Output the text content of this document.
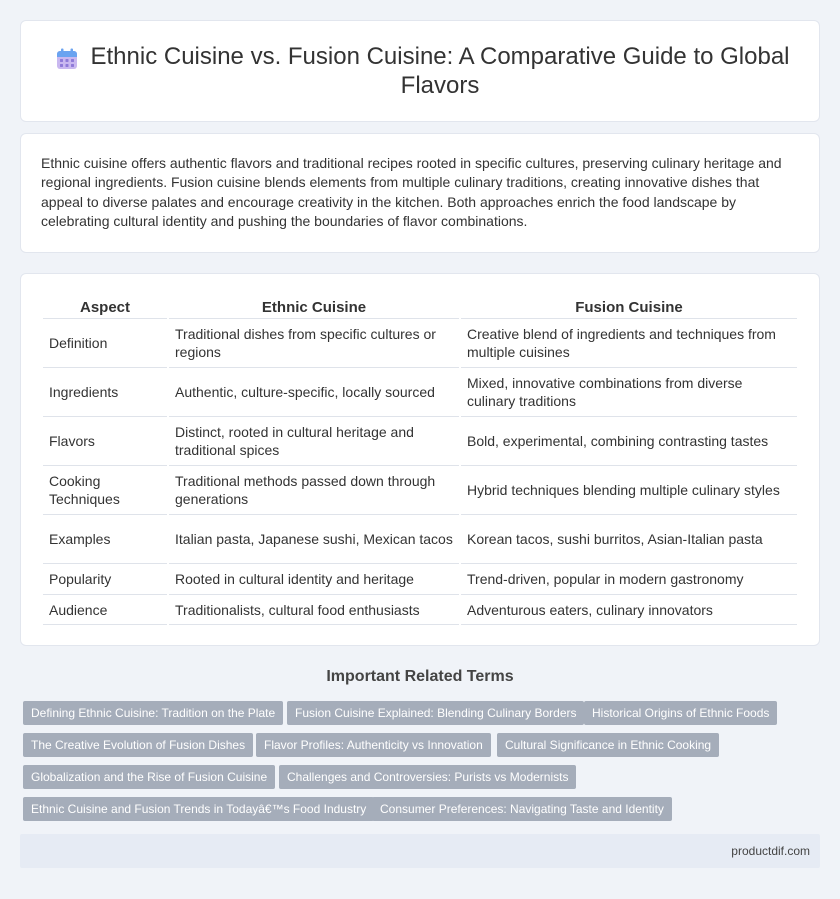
Ethnic Cuisine vs. Fusion Cuisine: A Comparative Guide to Global Flavors

Ethnic cuisine offers authentic flavors and traditional recipes rooted in specific cultures, preserving culinary heritage and regional ingredients. Fusion cuisine blends elements from multiple culinary traditions, creating innovative dishes that appeal to diverse palates and encourage creativity in the kitchen. Both approaches enrich the food landscape by celebrating cultural identity and pushing the boundaries of flavor combinations.

Aspect	Ethnic Cuisine	Fusion Cuisine
Definition	Traditional dishes from specific cultures or regions	Creative blend of ingredients and techniques from multiple cuisines
Ingredients	Authentic, culture-specific, locally sourced	Mixed, innovative combinations from diverse culinary traditions
Flavors	Distinct, rooted in cultural heritage and traditional spices	Bold, experimental, combining contrasting tastes
Cooking Techniques	Traditional methods passed down through generations	Hybrid techniques blending multiple culinary styles
Examples	Italian pasta, Japanese sushi, Mexican tacos	Korean tacos, sushi burritos, Asian-Italian pasta
Popularity	Rooted in cultural identity and heritage	Trend-driven, popular in modern gastronomy
Audience	Traditionalists, cultural food enthusiasts	Adventurous eaters, culinary innovators
Important Related Terms
Defining Ethnic Cuisine: Tradition on the Plate	Fusion Cuisine Explained: Blending Culinary Borders	Historical Origins of Ethnic Foods
The Creative Evolution of Fusion Dishes	Flavor Profiles: Authenticity vs Innovation	Cultural Significance in Ethnic Cooking
Globalization and the Rise of Fusion Cuisine	Challenges and Controversies: Purists vs Modernists
Ethnic Cuisine and Fusion Trends in Todayâ€™s Food Industry	Consumer Preferences: Navigating Taste and Identity
productdif.com
